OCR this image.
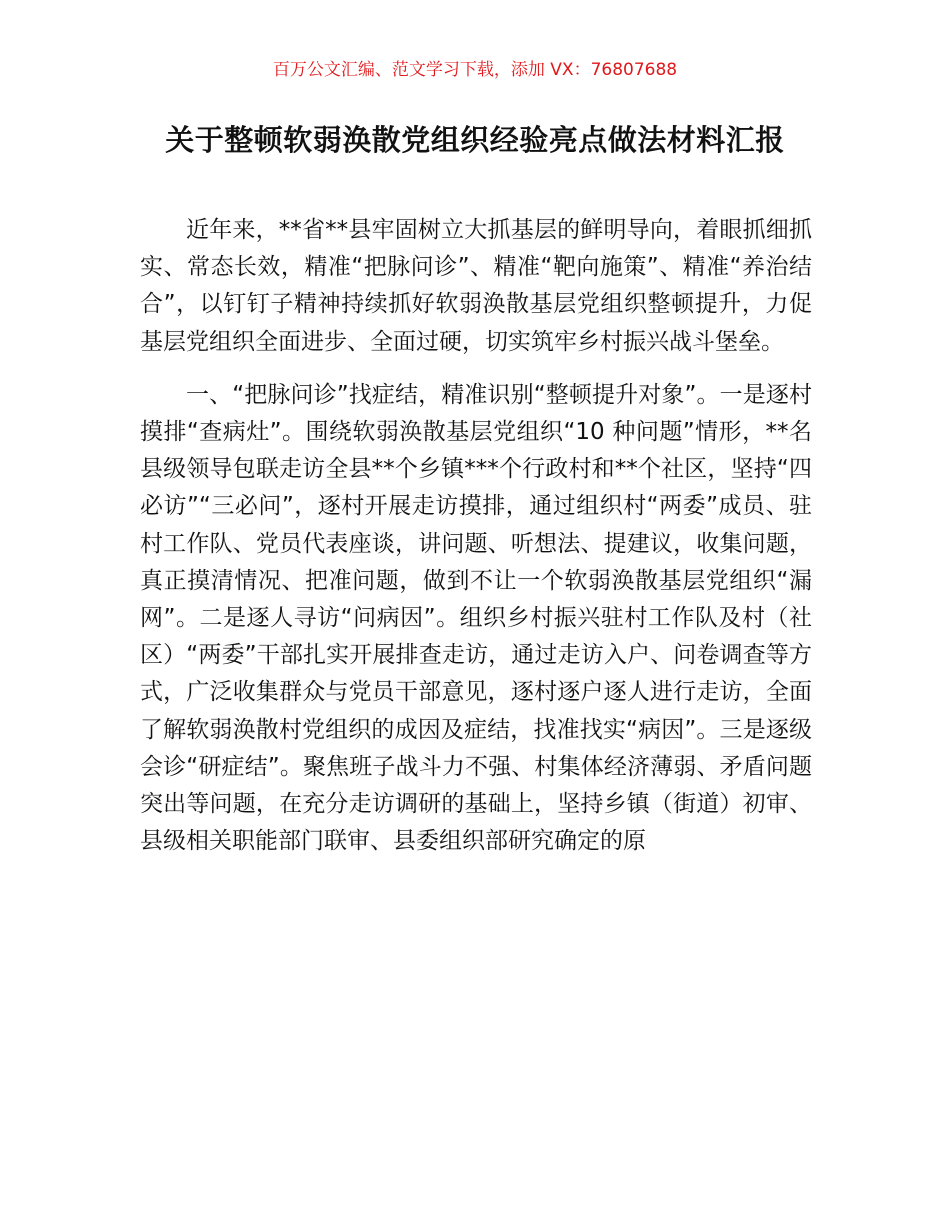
百万公文汇编、范文学习下载，添加 VX：76807688
关于整顿软弱涣散党组织经验亮点做法材料汇报

近年来，**省**县牢固树立大抓基层的鲜明导向，着眼抓细抓实、常态长效，精准“把脉问诊”、精准“靶向施策”、精准“养治结合”，以钉钉子精神持续抓好软弱涣散基层党组织整顿提升，力促基层党组织全面进步、全面过硬，切实筑牢乡村振兴战斗堡垒。

一、“把脉问诊”找症结，精准识别“整顿提升对象”。一是逐村摸排“查病灶”。围绕软弱涣散基层党组织“10 种问题”情形，**名县级领导包联走访全县**个乡镇***个行政村和**个社区，坚持“四必访”“三必问”，逐村开展走访摸排，通过组织村“两委”成员、驻村工作队、党员代表座谈，讲问题、听想法、提建议，收集问题，真正摸清情况、把准问题，做到不让一个软弱涣散基层党组织“漏网”。二是逐人寻访“问病因”。组织乡村振兴驻村工作队及村（社区）“两委”干部扎实开展排查走访，通过走访入户、问卷调查等方式，广泛收集群众与党员干部意见，逐村逐户逐人进行走访，全面了解软弱涣散村党组织的成因及症结，找准找实“病因”。三是逐级会诊“研症结”。聚焦班子战斗力不强、村集体经济薄弱、矛盾问题突出等问题，在充分走访调研的基础上，坚持乡镇（街道）初审、县级相关职能部门联审、县委组织部研究确定的原
